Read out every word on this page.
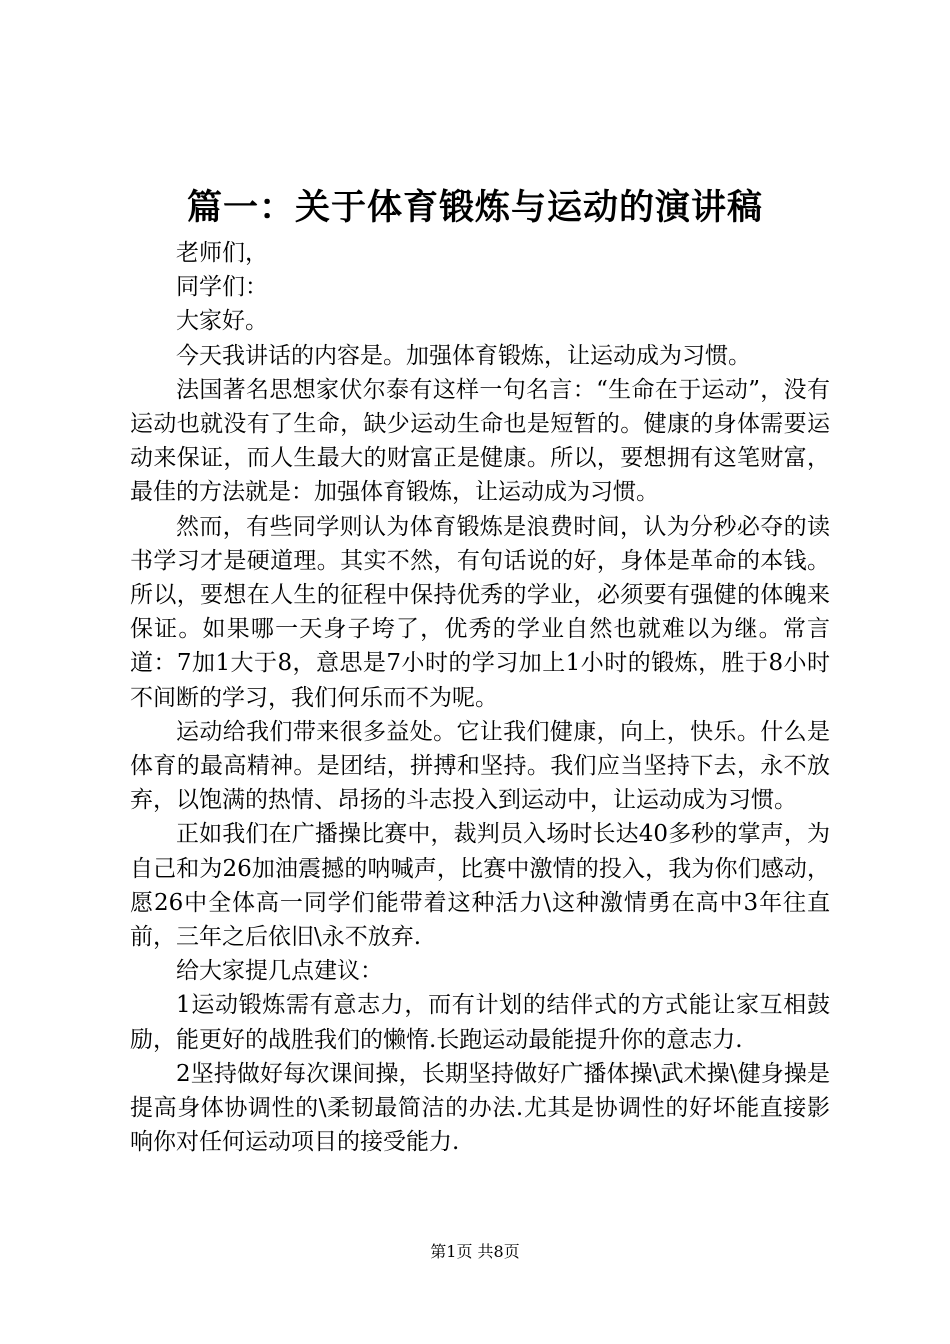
篇一：关于体育锻炼与运动的演讲稿

老师们，

同学们：

大家好。

今天我讲话的内容是。加强体育锻炼，让运动成为习惯。

法国著名思想家伏尔泰有这样一句名言：“生命在于运动”，没有运动也就没有了生命，缺少运动生命也是短暂的。健康的身体需要运动来保证，而人生最大的财富正是健康。所以，要想拥有这笔财富，最佳的方法就是：加强体育锻炼，让运动成为习惯。

然而，有些同学则认为体育锻炼是浪费时间，认为分秒必夺的读书学习才是硬道理。其实不然，有句话说的好，身体是革命的本钱。所以，要想在人生的征程中保持优秀的学业，必须要有强健的体魄来保证。如果哪一天身子垮了，优秀的学业自然也就难以为继。常言道：7加1大于8，意思是7小时的学习加上1小时的锻炼，胜于8小时不间断的学习，我们何乐而不为呢。

运动给我们带来很多益处。它让我们健康，向上，快乐。什么是体育的最高精神。是团结，拼搏和坚持。我们应当坚持下去，永不放弃，以饱满的热情、昂扬的斗志投入到运动中，让运动成为习惯。

正如我们在广播操比赛中，裁判员入场时长达40多秒的掌声，为自己和为26加油震撼的呐喊声，比赛中激情的投入，我为你们感动，愿26中全体高一同学们能带着这种活力\这种激情勇在高中3年往直前，三年之后依旧\永不放弃.

给大家提几点建议：

1运动锻炼需有意志力，而有计划的结伴式的方式能让家互相鼓励，能更好的战胜我们的懒惰.长跑运动最能提升你的意志力.

2坚持做好每次课间操，长期坚持做好广播体操\武术操\健身操是提高身体协调性的\柔韧最简洁的办法.尤其是协调性的好坏能直接影响你对任何运动项目的接受能力.

第1页 共8页
